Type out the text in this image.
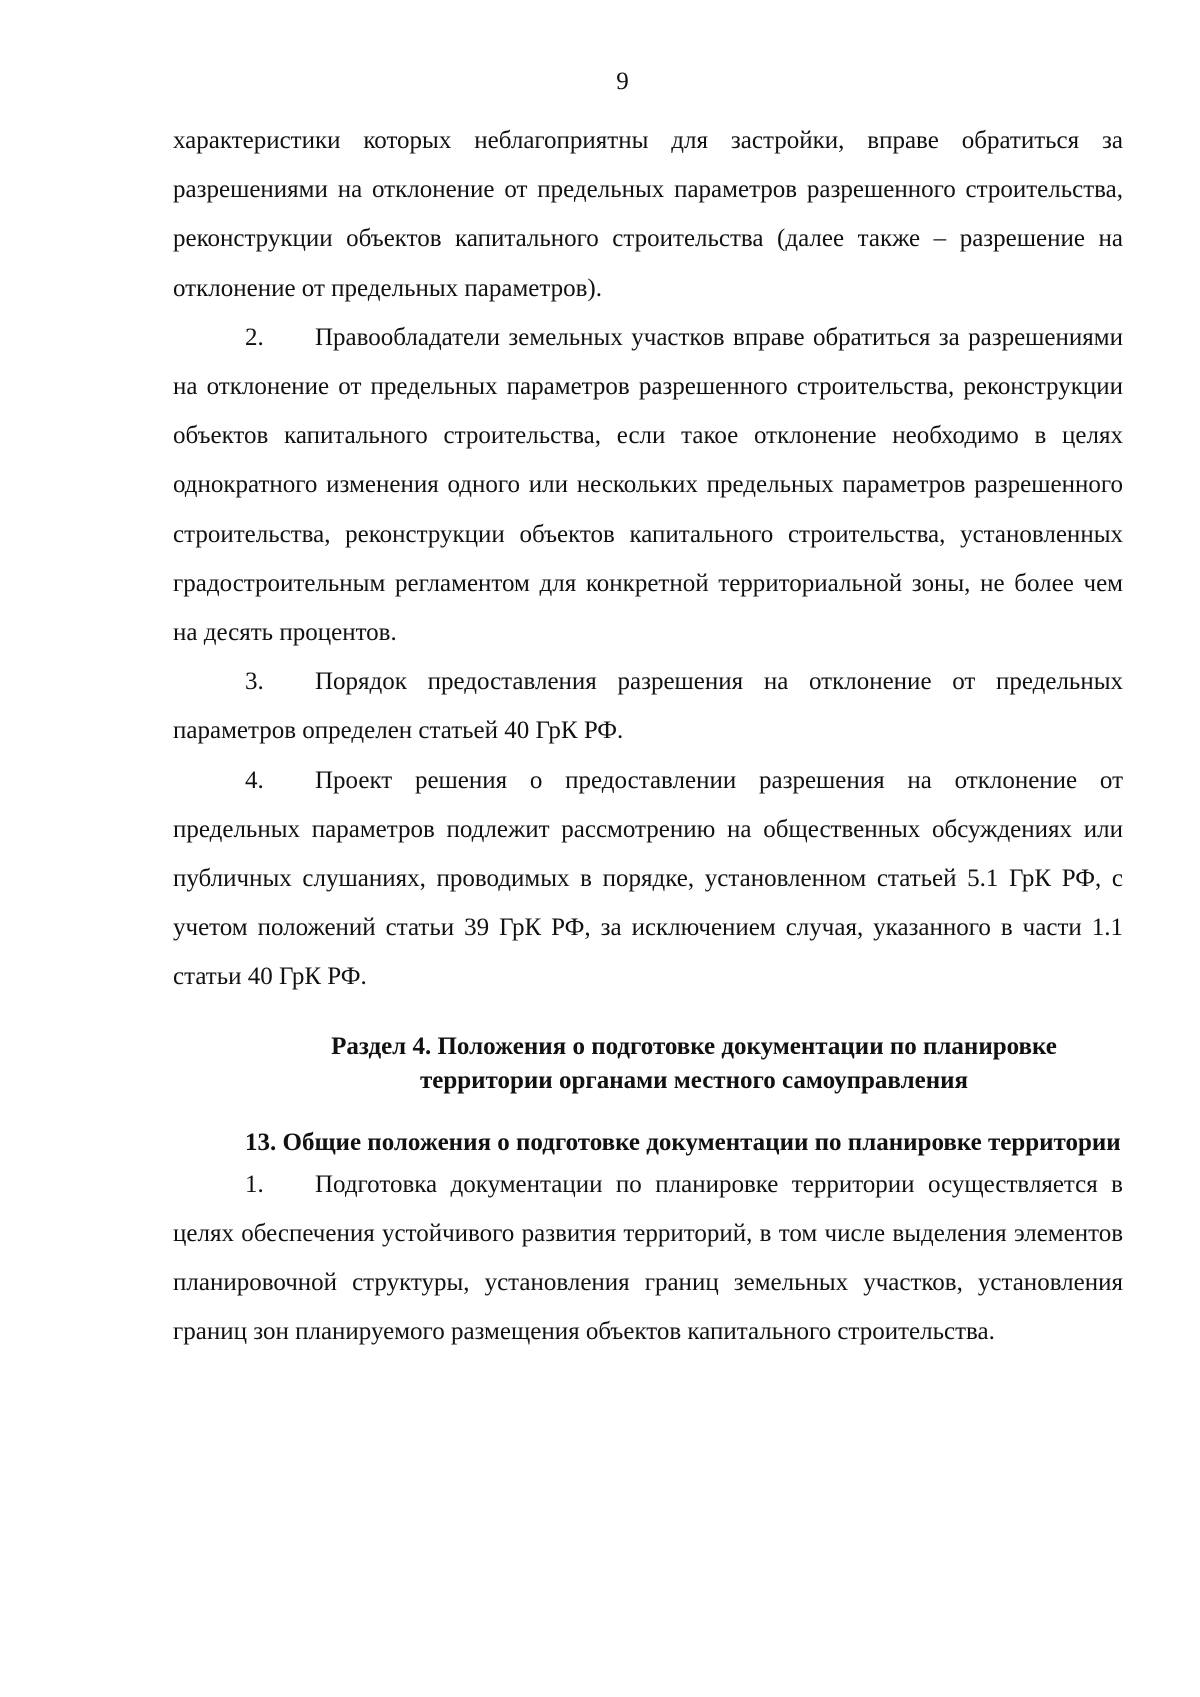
9

характеристики которых неблагоприятны для застройки, вправе обратиться за разрешениями на отклонение от предельных параметров разрешенного строительства, реконструкции объектов капитального строительства (далее также – разрешение на отклонение от предельных параметров).

2. Правообладатели земельных участков вправе обратиться за разрешениями на отклонение от предельных параметров разрешенного строительства, реконструкции объектов капитального строительства, если такое отклонение необходимо в целях однократного изменения одного или нескольких предельных параметров разрешенного строительства, реконструкции объектов капитального строительства, установленных градостроительным регламентом для конкретной территориальной зоны, не более чем на десять процентов.

3. Порядок предоставления разрешения на отклонение от предельных параметров определен статьей 40 ГрК РФ.

4. Проект решения о предоставлении разрешения на отклонение от предельных параметров подлежит рассмотрению на общественных обсуждениях или публичных слушаниях, проводимых в порядке, установленном статьей 5.1 ГрК РФ, с учетом положений статьи 39 ГрК РФ, за исключением случая, указанного в части 1.1 статьи 40 ГрК РФ.

Раздел 4. Положения о подготовке документации по планировке
территории органами местного самоуправления
13. Общие положения о подготовке документации по планировке территории

1. Подготовка документации по планировке территории осуществляется в целях обеспечения устойчивого развития территорий, в том числе выделения элементов планировочной структуры, установления границ земельных участков, установления границ зон планируемого размещения объектов капитального строительства.
